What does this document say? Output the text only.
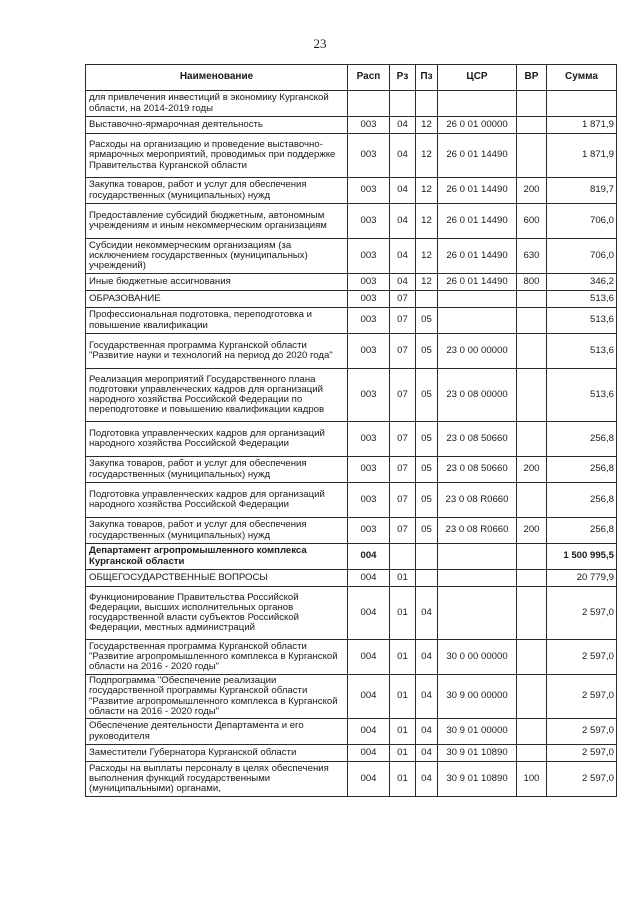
23
Наименование	Расп	Рз	Пз	ЦСР	ВР	Сумма
для привлечения инвестиций в экономику Курганской области, на 2014-2019 годы						
Выставочно-ярмарочная деятельность	003	04	12	26 0 01 00000		1 871,9
Расходы на организацию и проведение выставочно-ярмарочных мероприятий, проводимых при поддержке Правительства Курганской области	003	04	12	26 0 01 14490		1 871,9
Закупка товаров, работ и услуг для обеспечения государственных (муниципальных) нужд	003	04	12	26 0 01 14490	200	819,7
Предоставление субсидий бюджетным, автономным учреждениям и иным некоммерческим организациям	003	04	12	26 0 01 14490	600	706,0
Субсидии некоммерческим организациям (за исключением государственных (муниципальных) учреждений)	003	04	12	26 0 01 14490	630	706,0
Иные бюджетные ассигнования	003	04	12	26 0 01 14490	800	346,2
ОБРАЗОВАНИЕ	003	07				513,6
Профессиональная подготовка, переподготовка и повышение квалификации	003	07	05			513,6
Государственная программа Курганской области "Развитие науки и технологий на период до 2020 года"	003	07	05	23 0 00 00000		513,6
Реализация мероприятий Государственного плана подготовки управленческих кадров для организаций народного хозяйства Российской Федерации по переподготовке и повышению квалификации кадров	003	07	05	23 0 08 00000		513,6
Подготовка управленческих кадров для организаций народного хозяйства Российской Федерации	003	07	05	23 0 08 50660		256,8
Закупка товаров, работ и услуг для обеспечения государственных (муниципальных) нужд	003	07	05	23 0 08 50660	200	256,8
Подготовка управленческих кадров для организаций народного хозяйства Российской Федерации	003	07	05	23 0 08 R0660		256,8
Закупка товаров, работ и услуг для обеспечения государственных (муниципальных) нужд	003	07	05	23 0 08 R0660	200	256,8
Департамент агропромышленного комплекса Курганской области	004					1 500 995,5
ОБЩЕГОСУДАРСТВЕННЫЕ ВОПРОСЫ	004	01				20 779,9
Функционирование Правительства Российской Федерации, высших исполнительных органов государственной власти субъектов Российской Федерации, местных администраций	004	01	04			2 597,0
Государственная программа Курганской области "Развитие агропромышленного комплекса в Курганской области на 2016 - 2020 годы"	004	01	04	30 0 00 00000		2 597,0
Подпрограмма "Обеспечение реализации государственной программы Курганской области "Развитие агропромышленного комплекса в Курганской области на 2016 - 2020 годы"	004	01	04	30 9 00 00000		2 597,0
Обеспечение деятельности Департамента и его руководителя	004	01	04	30 9 01 00000		2 597,0
Заместители Губернатора Курганской области	004	01	04	30 9 01 10890		2 597,0
Расходы на выплаты персоналу в целях обеспечения выполнения функций государственными (муниципальными) органами,	004	01	04	30 9 01 10890	100	2 597,0
